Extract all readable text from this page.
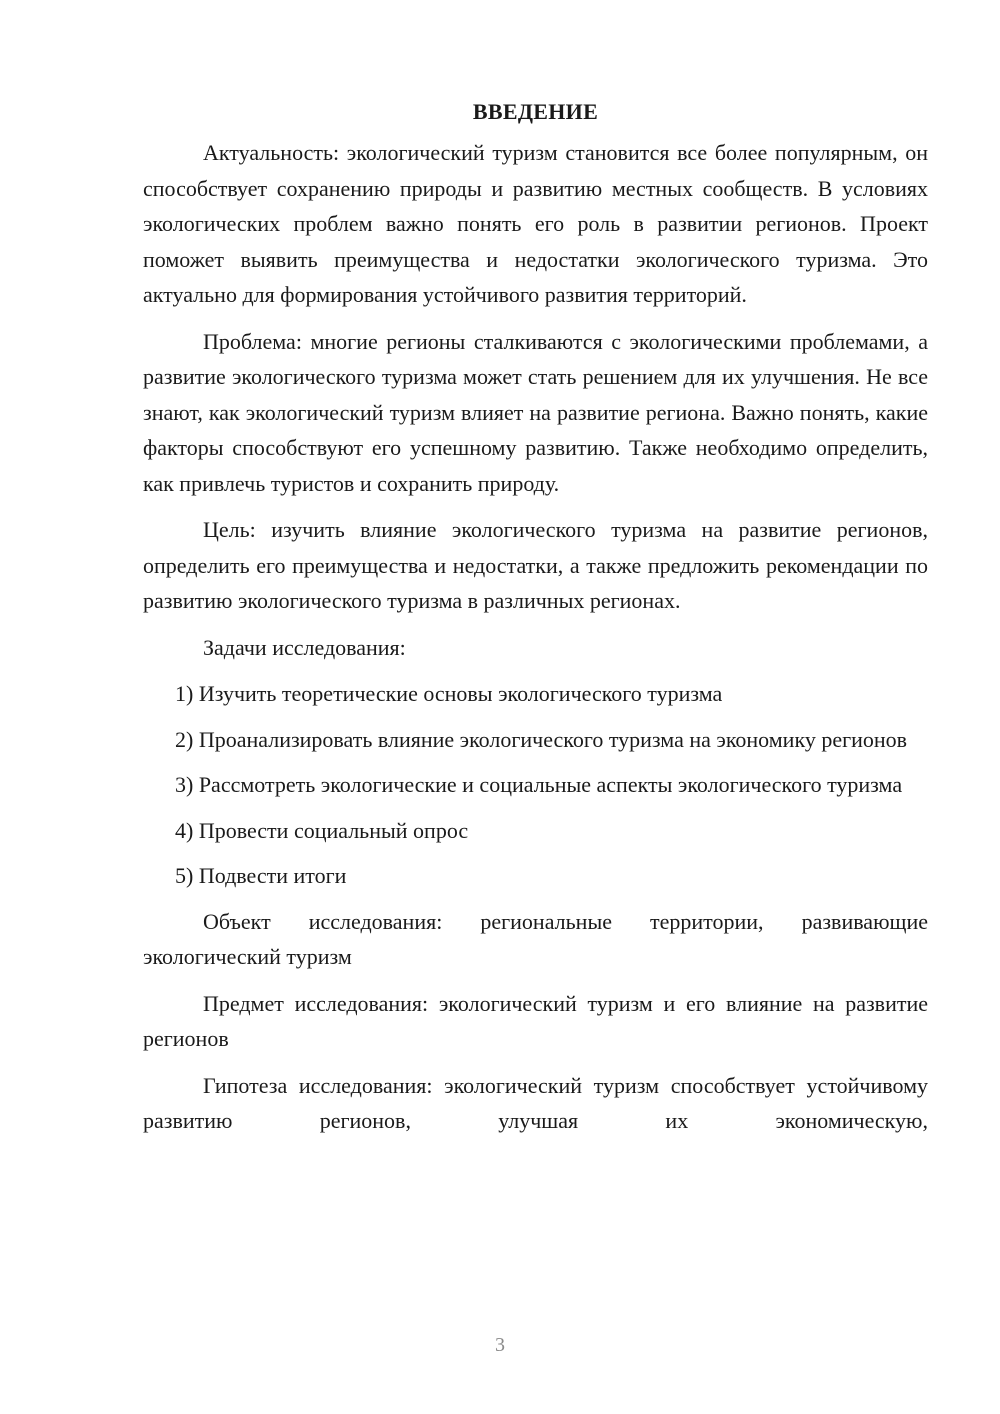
ВВЕДЕНИЕ

Актуальность: экологический туризм становится все более популярным, он способствует сохранению природы и развитию местных сообществ. В условиях экологических проблем важно понять его роль в развитии регионов. Проект поможет выявить преимущества и недостатки экологического туризма. Это актуально для формирования устойчивого развития территорий.

Проблема: многие регионы сталкиваются с экологическими проблемами, а развитие экологического туризма может стать решением для их улучшения. Не все знают, как экологический туризм влияет на развитие региона. Важно понять, какие факторы способствуют его успешному развитию. Также необходимо определить, как привлечь туристов и сохранить природу.

Цель: изучить влияние экологического туризма на развитие регионов, определить его преимущества и недостатки, а также предложить рекомендации по развитию экологического туризма в различных регионах.

Задачи исследования:

1) Изучить теоретические основы экологического туризма

2) Проанализировать влияние экологического туризма на экономику регионов

3) Рассмотреть экологические и социальные аспекты экологического туризма

4) Провести социальный опрос

5) Подвести итоги

Объект исследования: региональные территории, развивающие экологический туризм

Предмет исследования: экологический туризм и его влияние на развитие регионов

Гипотеза исследования: экологический туризм способствует устойчивому развитию регионов, улучшая их экономическую,

3
